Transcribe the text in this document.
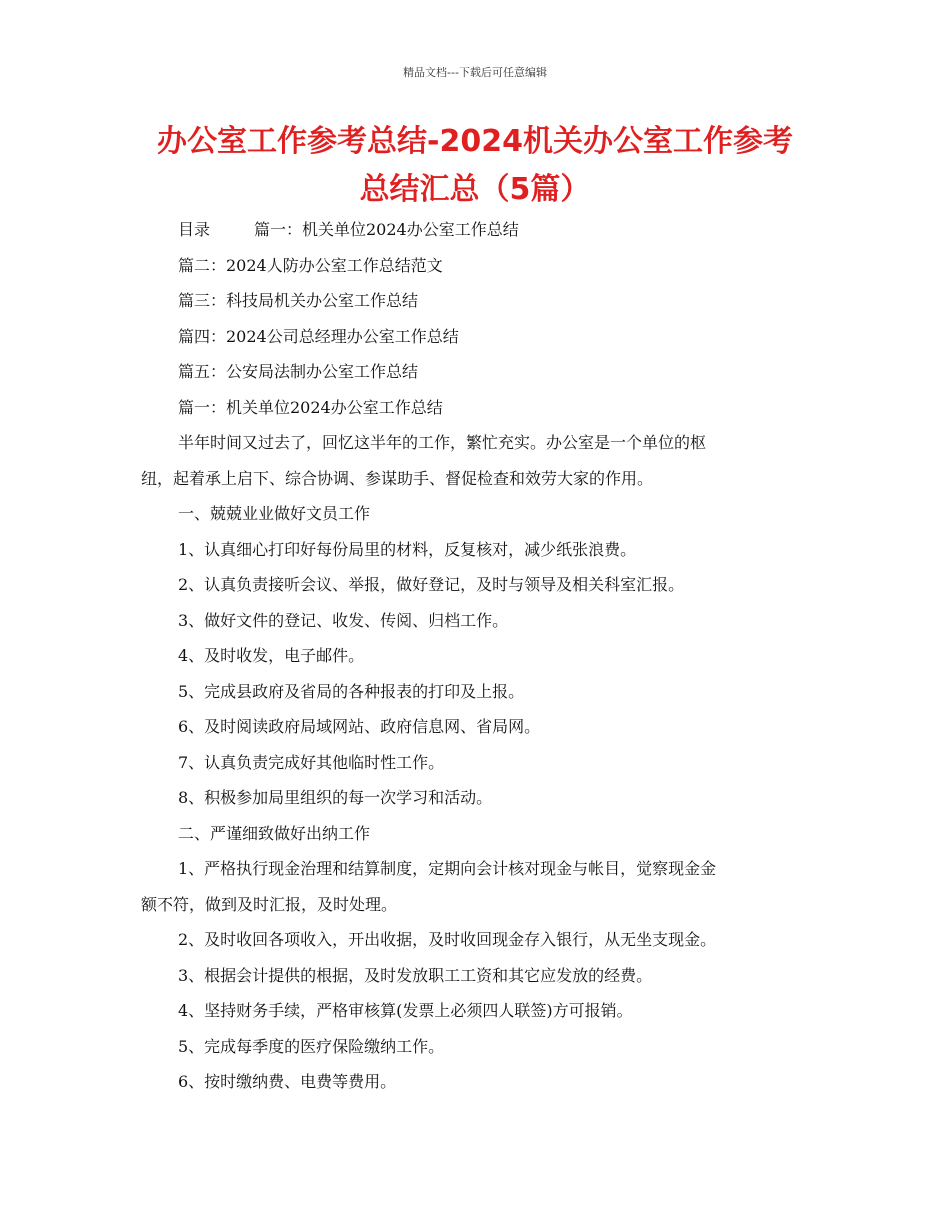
精品文档---下载后可任意编辑
办公室工作参考总结-2024机关办公室工作参考
总结汇总（5篇）
目录	篇一：机关单位2024办公室工作总结
篇二：2024人防办公室工作总结范文
篇三：科技局机关办公室工作总结
篇四：2024公司总经理办公室工作总结
篇五：公安局法制办公室工作总结
篇一：机关单位2024办公室工作总结
半年时间又过去了，回忆这半年的工作，繁忙充实。办公室是一个单位的枢
纽，起着承上启下、综合协调、参谋助手、督促检查和效劳大家的作用。
一、兢兢业业做好文员工作
1、认真细心打印好每份局里的材料，反复核对，减少纸张浪费。
2、认真负责接听会议、举报，做好登记，及时与领导及相关科室汇报。
3、做好文件的登记、收发、传阅、归档工作。
4、及时收发，电子邮件。
5、完成县政府及省局的各种报表的打印及上报。
6、及时阅读政府局域网站、政府信息网、省局网。
7、认真负责完成好其他临时性工作。
8、积极参加局里组织的每一次学习和活动。
二、严谨细致做好出纳工作
1、严格执行现金治理和结算制度，定期向会计核对现金与帐目，觉察现金金
额不符，做到及时汇报，及时处理。
2、及时收回各项收入，开出收据，及时收回现金存入银行，从无坐支现金。
3、根据会计提供的根据，及时发放职工工资和其它应发放的经费。
4、坚持财务手续，严格审核算(发票上必须四人联签)方可报销。
5、完成每季度的医疗保险缴纳工作。
6、按时缴纳费、电费等费用。
